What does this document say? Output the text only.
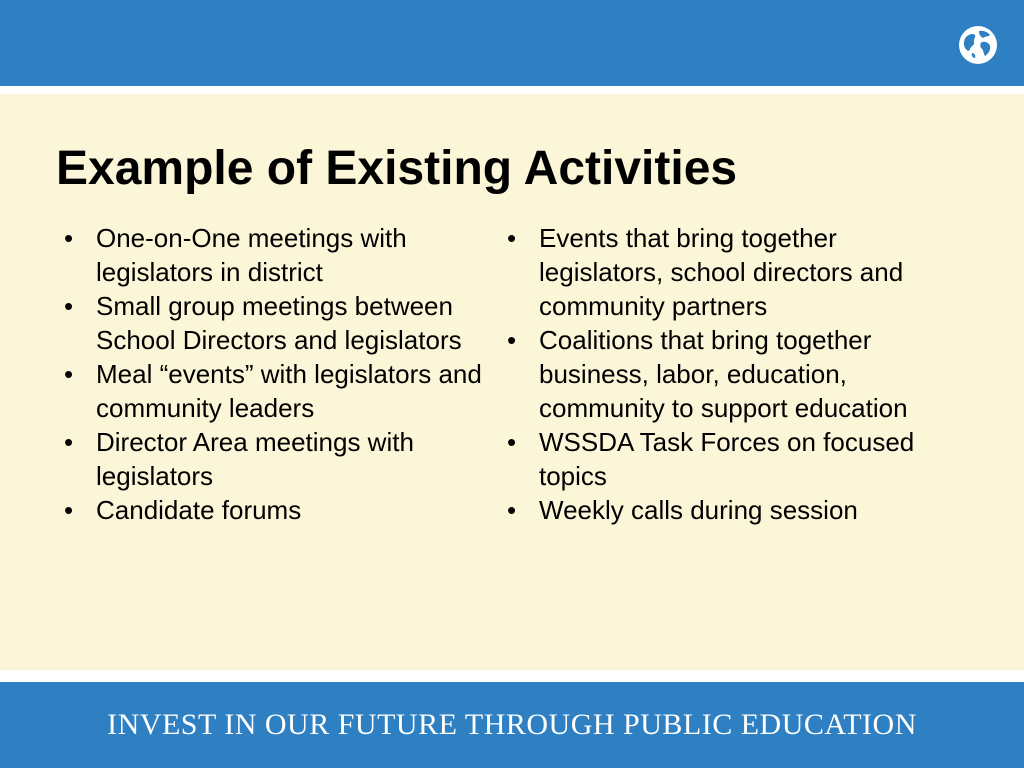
Example of Existing Activities
• One-on-One meetings with legislators in district
• Small group meetings between School Directors and legislators
• Meal “events” with legislators and community leaders
• Director Area meetings with legislators
• Candidate forums
• Events that bring together legislators, school directors and community partners
• Coalitions that bring together business, labor, education, community to support education
• WSSDA Task Forces on focused topics
• Weekly calls during session
INVEST IN OUR FUTURE THROUGH PUBLIC EDUCATION
